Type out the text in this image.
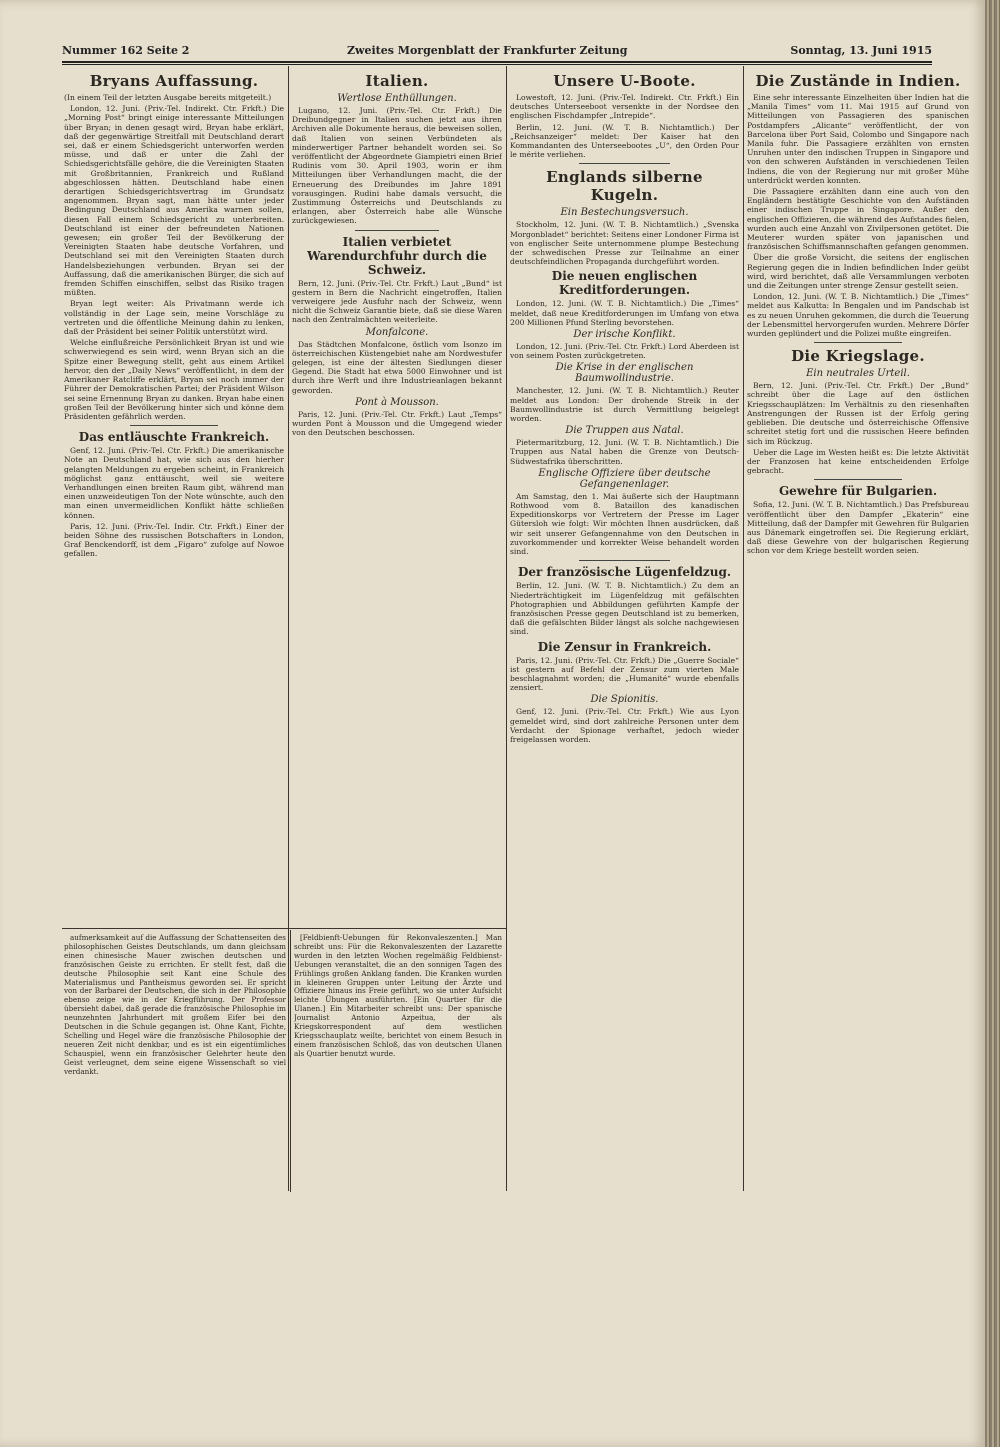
Nummer 162 Seite 2	Zweites Morgenblatt der Frankfurter Zeitung	Sonntag, 13. Juni 1915
Bryans Auffassung.
(In einem Teil der letzten Ausgabe bereits mitgeteilt.)

London, 12. Juni. (Priv.-Tel. Indirekt. Ctr. Frkft.) Die „Morning Post“ bringt einige interessante Mitteilungen über Bryan; in denen gesagt wird, Bryan habe erklärt, daß der gegenwärtige Streitfall mit Deutschland derart sei, daß er einem Schiedsgericht unterworfen werden müsse, und daß er unter die Zahl der Schiedsgerichtsfälle gehöre, die die Vereinigten Staaten mit Großbritannien, Frankreich und Rußland abgeschlossen hätten. Deutschland habe einen derartigen Schiedsgerichtsvertrag im Grundsatz angenommen. Bryan sagt, man hätte unter jeder Bedingung Deutschland aus Amerika warnen sollen, diesen Fall einem Schiedsgericht zu unterbreiten. Deutschland ist einer der befreundeten Nationen gewesen; ein großer Teil der Bevölkerung der Vereinigten Staaten habe deutsche Vorfahren, und Deutschland sei mit den Vereinigten Staaten durch Handelsbeziehungen verbunden. Bryan sei der Auffassung, daß die amerikanischen Bürger, die sich auf fremden Schiffen einschiffen, selbst das Risiko tragen müßten.

Bryan legt weiter: Als Privatmann werde ich vollständig in der Lage sein, meine Vorschläge zu vertreten und die öffentliche Meinung dahin zu lenken, daß der Präsident bei seiner Politik unterstützt wird.

Welche einflußreiche Persönlichkeit Bryan ist und wie schwerwiegend es sein wird, wenn Bryan sich an die Spitze einer Bewegung stellt, geht aus einem Artikel hervor, den der „Daily News“ veröffentlicht, in dem der Amerikaner Ratcliffe erklärt, Bryan sei noch immer der Führer der Demokratischen Partei; der Präsident Wilson sei seine Ernennung Bryan zu danken. Bryan habe einen großen Teil der Bevölkerung hinter sich und könne dem Präsidenten gefährlich werden.

Das entläuschte Frankreich.

Genf, 12. Juni. (Priv.-Tel. Ctr. Frkft.) Die amerikanische Note an Deutschland hat, wie sich aus den hierher gelangten Meldungen zu ergeben scheint, in Frankreich möglichst ganz enttäuscht, weil sie weitere Verhandlungen einen breiten Raum gibt, während man einen unzweideutigen Ton der Note wünschte, auch den man einen unvermeidlichen Konflikt hätte schließen können.

Paris, 12. Juni. (Priv.-Tel. Indir. Ctr. Frkft.) Einer der beiden Söhne des russischen Botschafters in London, Graf Benckendorff, ist dem „Figaro“ zufolge auf Nowoe gefallen.

Italien.
Wertlose Enthüllungen.

Lugano, 12. Juni. (Priv.-Tel. Ctr. Frkft.) Die Dreibundgegner in Italien suchen jetzt aus ihren Archiven alle Dokumente heraus, die beweisen sollen, daß Italien von seinen Verbündeten als minderwertiger Partner behandelt worden sei. So veröffentlicht der Abgeordnete Giampietri einen Brief Rudinis vom 30. April 1903, worin er ihm Mitteilungen über Verhandlungen macht, die der Erneuerung des Dreibundes im Jahre 1891 vorausgingen. Rudini habe damals versucht, die Zustimmung Österreichs und Deutschlands zu erlangen, aber Österreich habe alle Wünsche zurückgewiesen.

Italien verbietet Warendurchfuhr durch die Schweiz.

Bern, 12. Juni. (Priv.-Tel. Ctr. Frkft.) Laut „Bund“ ist gestern in Bern die Nachricht eingetroffen, Italien verweigere jede Ausfuhr nach der Schweiz, wenn nicht die Schweiz Garantie biete, daß sie diese Waren nach den Zentralmächten weiterleite.

Monfalcone.

Das Städtchen Monfalcone, östlich vom Isonzo im österreichischen Küstengebiet nahe am Nordwestufer gelegen, ist eine der ältesten Siedlungen dieser Gegend. Die Stadt hat etwa 5000 Einwohner und ist durch ihre Werft und ihre Industrieanlagen bekannt geworden.

Pont à Mousson.

Paris, 12. Juni. (Priv.-Tel. Ctr. Frkft.) Laut „Temps“ wurden Pont à Mousson und die Umgegend wieder von den Deutschen beschossen.

Unsere U-Boote.

Lowestoft, 12. Juni. (Priv.-Tel. Indirekt. Ctr. Frkft.) Ein deutsches Unterseeboot versenkte in der Nordsee den englischen Fischdampfer „Intrepide“.

Berlin, 12. Juni. (W. T. B. Nichtamtlich.) Der „Reichsanzeiger“ meldet: Der Kaiser hat den Kommandanten des Unterseebootes „U“, den Orden Pour le mérite verliehen.

Englands silberne Kugeln.
Ein Bestechungsversuch.

Stockholm, 12. Juni. (W. T. B. Nichtamtlich.) „Svenska Morgonbladet“ berichtet: Seitens einer Londoner Firma ist von englischer Seite unternommene plumpe Bestechung der schwedischen Presse zur Teilnahme an einer deutschfeindlichen Propaganda durchgeführt worden.

Die neuen englischen Kreditforderungen.

London, 12. Juni. (W. T. B. Nichtamtlich.) Die „Times“ meldet, daß neue Kreditforderungen im Umfang von etwa 200 Millionen Pfund Sterling bevorstehen.

Der irische Konflikt.

London, 12. Juni. (Priv.-Tel. Ctr. Frkft.) Lord Aberdeen ist von seinem Posten zurückgetreten.

Die Krise in der englischen Baumwollindustrie.

Manchester, 12. Juni. (W. T. B. Nichtamtlich.) Reuter meldet aus London: Der drohende Streik in der Baumwollindustrie ist durch Vermittlung beigelegt worden.

Die Truppen aus Natal.

Pietermaritzburg, 12. Juni. (W. T. B. Nichtamtlich.) Die Truppen aus Natal haben die Grenze von Deutsch-Südwestafrika überschritten.

Englische Offiziere über deutsche Gefangenenlager.

Am Samstag, den 1. Mai äußerte sich der Hauptmann Rothwood vom 8. Bataillon des kanadischen Expeditionskorps vor Vertretern der Presse im Lager Gütersloh wie folgt: Wir möchten Ihnen ausdrücken, daß wir seit unserer Gefangennahme von den Deutschen in zuvorkommender und korrekter Weise behandelt worden sind.

Der französische Lügenfeldzug.

Berlin, 12. Juni. (W. T. B. Nichtamtlich.) Zu dem an Niederträchtigkeit im Lügenfeldzug mit gefälschten Photographien und Abbildungen geführten Kampfe der französischen Presse gegen Deutschland ist zu bemerken, daß die gefälschten Bilder längst als solche nachgewiesen sind.

Die Zensur in Frankreich.

Paris, 12. Juni. (Priv.-Tel. Ctr. Frkft.) Die „Guerre Sociale“ ist gestern auf Befehl der Zensur zum vierten Male beschlagnahmt worden; die „Humanité“ wurde ebenfalls zensiert.

Die Spionitis.

Genf, 12. Juni. (Priv.-Tel. Ctr. Frkft.) Wie aus Lyon gemeldet wird, sind dort zahlreiche Personen unter dem Verdacht der Spionage verhaftet, jedoch wieder freigelassen worden.

Die Zustände in Indien.

Eine sehr interessante Einzelheiten über Indien hat die „Manila Times“ vom 11. Mai 1915 auf Grund von Mitteilungen von Passagieren des spanischen Postdampfers „Alicante“ veröffentlicht, der von Barcelona über Port Said, Colombo und Singapore nach Manila fuhr. Die Passagiere erzählten von ernsten Unruhen unter den indischen Truppen in Singapore und von den schweren Aufständen in verschiedenen Teilen Indiens, die von der Regierung nur mit großer Mühe unterdrückt werden konnten.

Die Passagiere erzählten dann eine auch von den Engländern bestätigte Geschichte von den Aufständen einer indischen Truppe in Singapore. Außer den englischen Offizieren, die während des Aufstandes fielen, wurden auch eine Anzahl von Zivilpersonen getötet. Die Meuterer wurden später von japanischen und französischen Schiffsmannschaften gefangen genommen.

Über die große Vorsicht, die seitens der englischen Regierung gegen die in Indien befindlichen Inder geübt wird, wird berichtet, daß alle Versammlungen verboten und die Zeitungen unter strenge Zensur gestellt seien.

London, 12. Juni. (W. T. B. Nichtamtlich.) Die „Times“ meldet aus Kalkutta: In Bengalen und im Pandschab ist es zu neuen Unruhen gekommen, die durch die Teuerung der Lebensmittel hervorgerufen wurden. Mehrere Dörfer wurden geplündert und die Polizei mußte eingreifen.

Die Kriegslage.
Ein neutrales Urteil.

Bern, 12. Juni. (Priv.-Tel. Ctr. Frkft.) Der „Bund“ schreibt über die Lage auf den östlichen Kriegsschauplätzen: Im Verhältnis zu den riesenhaften Anstrengungen der Russen ist der Erfolg gering geblieben. Die deutsche und österreichische Offensive schreitet stetig fort und die russischen Heere befinden sich im Rückzug.

Ueber die Lage im Westen heißt es: Die letzte Aktivität der Franzosen hat keine entscheidenden Erfolge gebracht.

Gewehre für Bulgarien.

Sofia, 12. Juni. (W. T. B. Nichtamtlich.) Das Prefsbureau veröffentlicht über den Dampfer „Ekaterin“ eine Mitteilung, daß der Dampfer mit Gewehren für Bulgarien aus Dänemark eingetroffen sei. Die Regierung erklärt, daß diese Gewehre von der bulgarischen Regierung schon vor dem Kriege bestellt worden seien.

aufmerksamkeit auf die Auffassung der Schattenseiten des philosophischen Geistes Deutschlands, um dann gleichsam einen chinesische Mauer zwischen deutschen und französischen Geiste zu errichten. Er stellt fest, daß die deutsche Philosophie seit Kant eine Schule des Materialismus und Pantheismus geworden sei. Er spricht von der Barbarei der Deutschen, die sich in der Philosophie ebenso zeige wie in der Kriegführung. Der Professor übersieht dabei, daß gerade die französische Philosophie im neunzehnten Jahrhundert mit großem Eifer bei den Deutschen in die Schule gegangen ist. Ohne Kant, Fichte, Schelling und Hegel wäre die französische Philosophie der neueren Zeit nicht denkbar, und es ist ein eigentümliches Schauspiel, wenn ein französischer Gelehrter heute den Geist verleugnet, dem seine eigene Wissenschaft so viel verdankt.

[Feldbienft-Uebungen für Rekonvaleszenten.] Man schreibt uns: Für die Rekonvaleszenten der Lazarette wurden in den letzten Wochen regelmäßig Feldbienst-Uebungen veranstaltet, die an den sonnigen Tagen des Frühlings großen Anklang fanden. Die Kranken wurden in kleineren Gruppen unter Leitung der Ärzte und Offiziere hinaus ins Freie geführt, wo sie unter Aufsicht leichte Übungen ausführten. [Ein Quartier für die Ulanen.] Ein Mitarbeiter schreibt uns: Der spanische Journalist Antonio Azpeitua, der als Kriegskorrespondent auf dem westlichen Kriegsschauplatz weilte, berichtet von einem Besuch in einem französischen Schloß, das von deutschen Ulanen als Quartier benutzt wurde.
